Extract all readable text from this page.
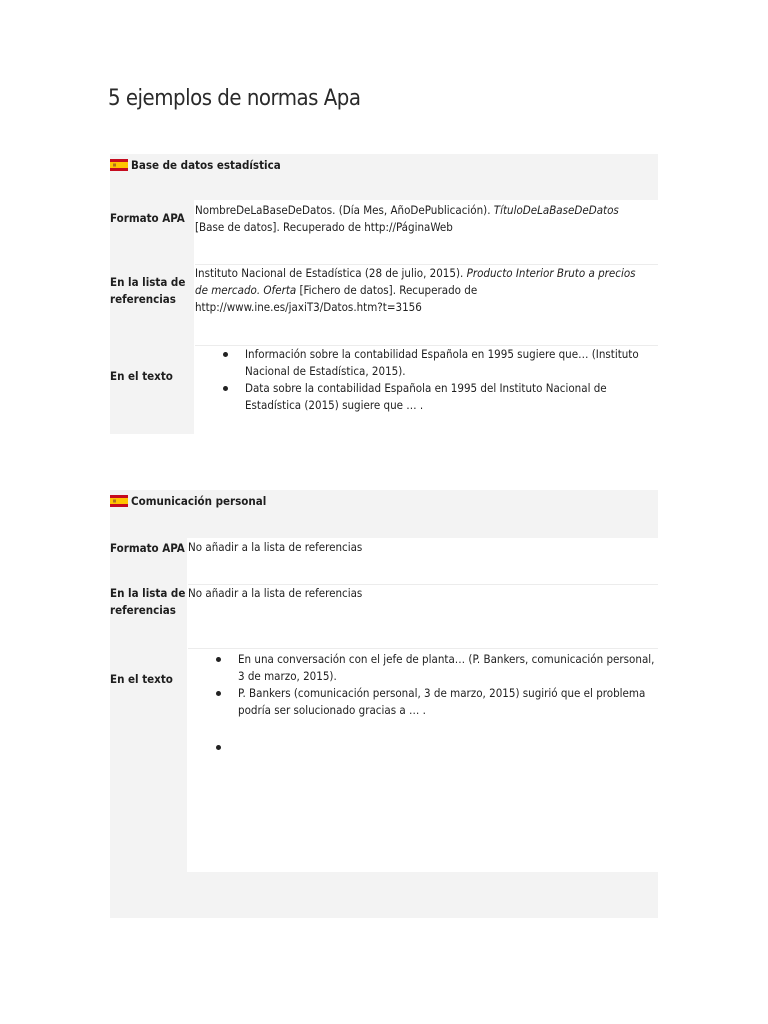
5 ejemplos de normas Apa
Base de datos estadística
Formato APA
NombreDeLaBaseDeDatos. (Día Mes, AñoDePublicación). TítuloDeLaBaseDeDatos [Base de datos]. Recuperado de http://PáginaWeb
En la lista de referencias
Instituto Nacional de Estadística (28 de julio, 2015). Producto Interior Bruto a precios de mercado. Oferta [Fichero de datos]. Recuperado de http://www.ine.es/jaxiT3/Datos.htm?t=3156
En el texto
Información sobre la contabilidad Española en 1995 sugiere que… (Instituto Nacional de Estadística, 2015).
Data sobre la contabilidad Española en 1995 del Instituto Nacional de Estadística (2015) sugiere que … .
Comunicación personal
Formato APA No añadir a la lista de referencias
En la lista de referencias
No añadir a la lista de referencias
En el texto
En una conversación con el jefe de planta… (P. Bankers, comunicación personal, 3 de marzo, 2015).
P. Bankers (comunicación personal, 3 de marzo, 2015) sugirió que el problema podría ser solucionado gracias a … .
